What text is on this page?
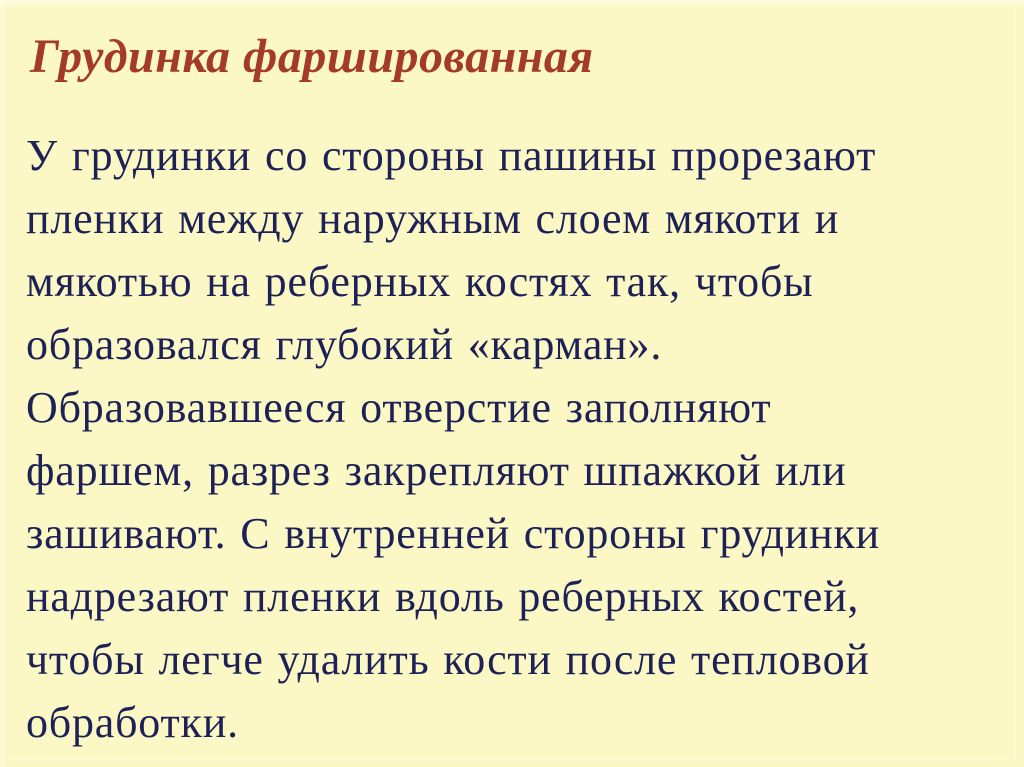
Грудинка фаршированная
У грудинки со стороны пашины прорезают
пленки между наружным слоем мякоти и
мякотью на реберных костях так, чтобы
образовался глубокий «карман».
Образовавшееся отверстие заполняют
фаршем, разрез закрепляют шпажкой или
зашивают. С внутренней стороны грудинки
надрезают пленки вдоль реберных костей,
чтобы легче удалить кости после тепловой
обработки.
